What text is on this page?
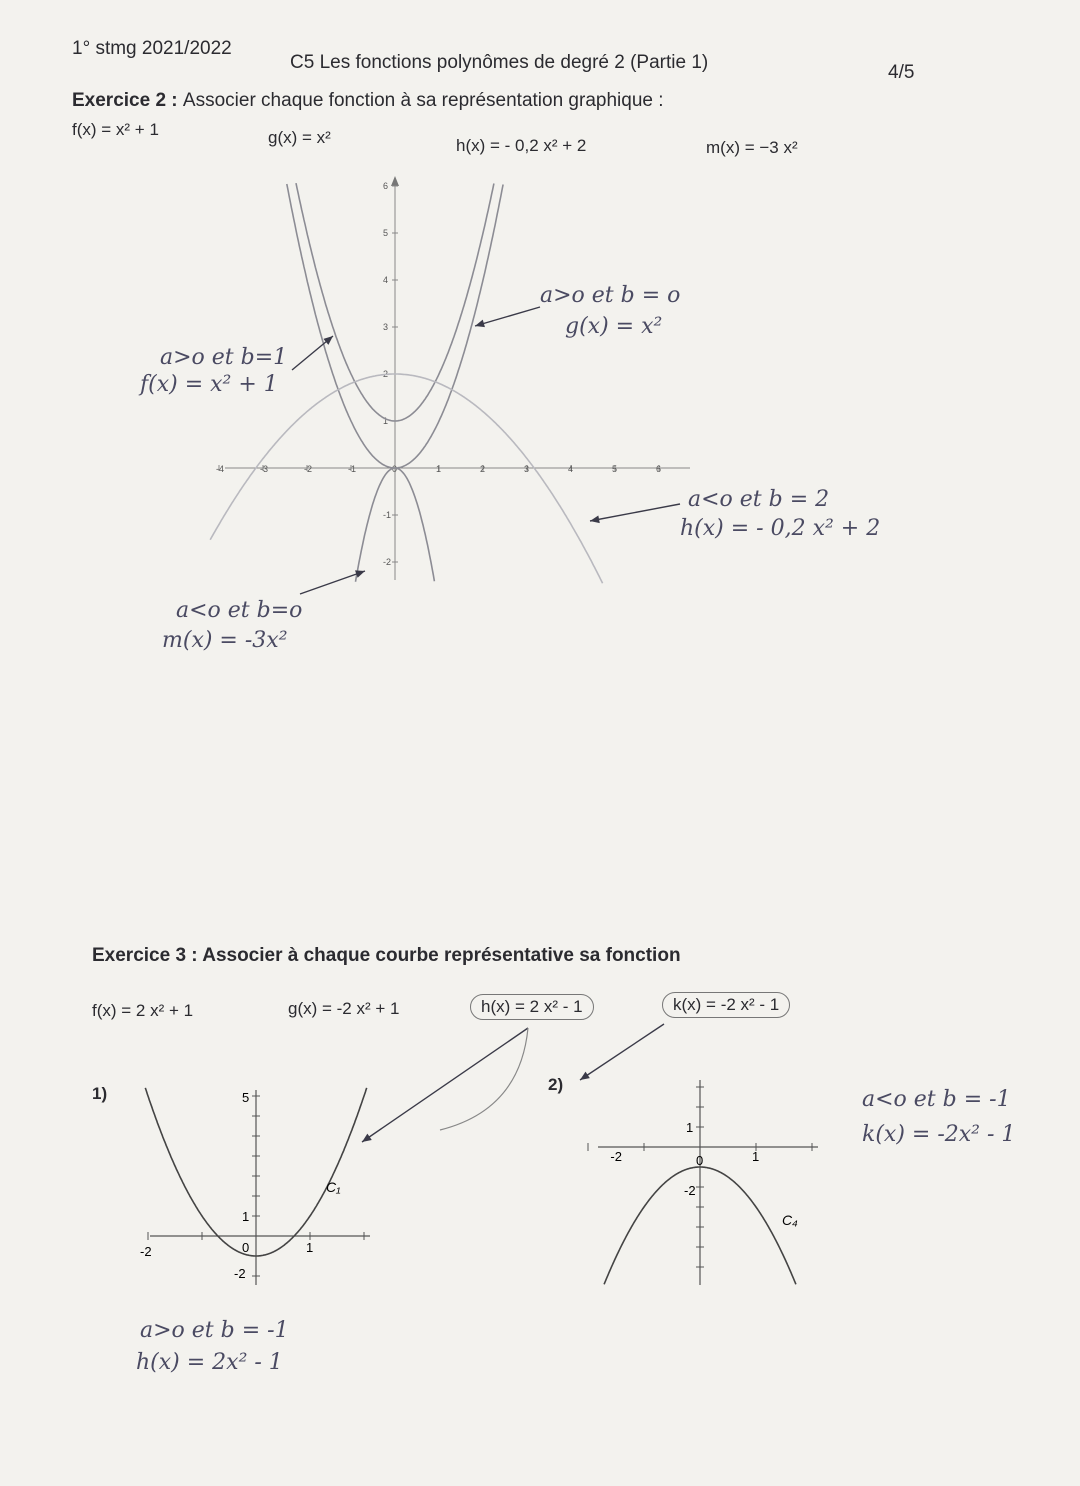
1° stmg 2021/2022
C5 Les fonctions polynômes de degré 2 (Partie 1)	4/5
Exercice 2 : Associer chaque fonction à sa représentation graphique :
f(x) = x² + 1	g(x) = x²	h(x) = - 0,2 x² + 2	m(x) = −3 x²
-4	-3	-2	-1	0	1	2	3	4	5	6
-2
-1
1
2
3
4
5
6
a>o et b=1
f(x) = x² + 1
a>o et b = o
g(x) = x²
a<o et b = 2
h(x) = - 0,2 x² + 2
a<o et b=o
m(x) = -3x²
Exercice 3 : Associer à chaque courbe représentative sa fonction
f(x) = 2 x² + 1	g(x) = -2 x² + 1	h(x) = 2 x² - 1	k(x) = -2 x² - 1
1)	2)
-2	0	1
1
5
-2
C₁
-2	0	1
1
-2
C₄
a>o et b = -1
h(x) = 2x² - 1
a<o et b = -1
k(x) = -2x² - 1
